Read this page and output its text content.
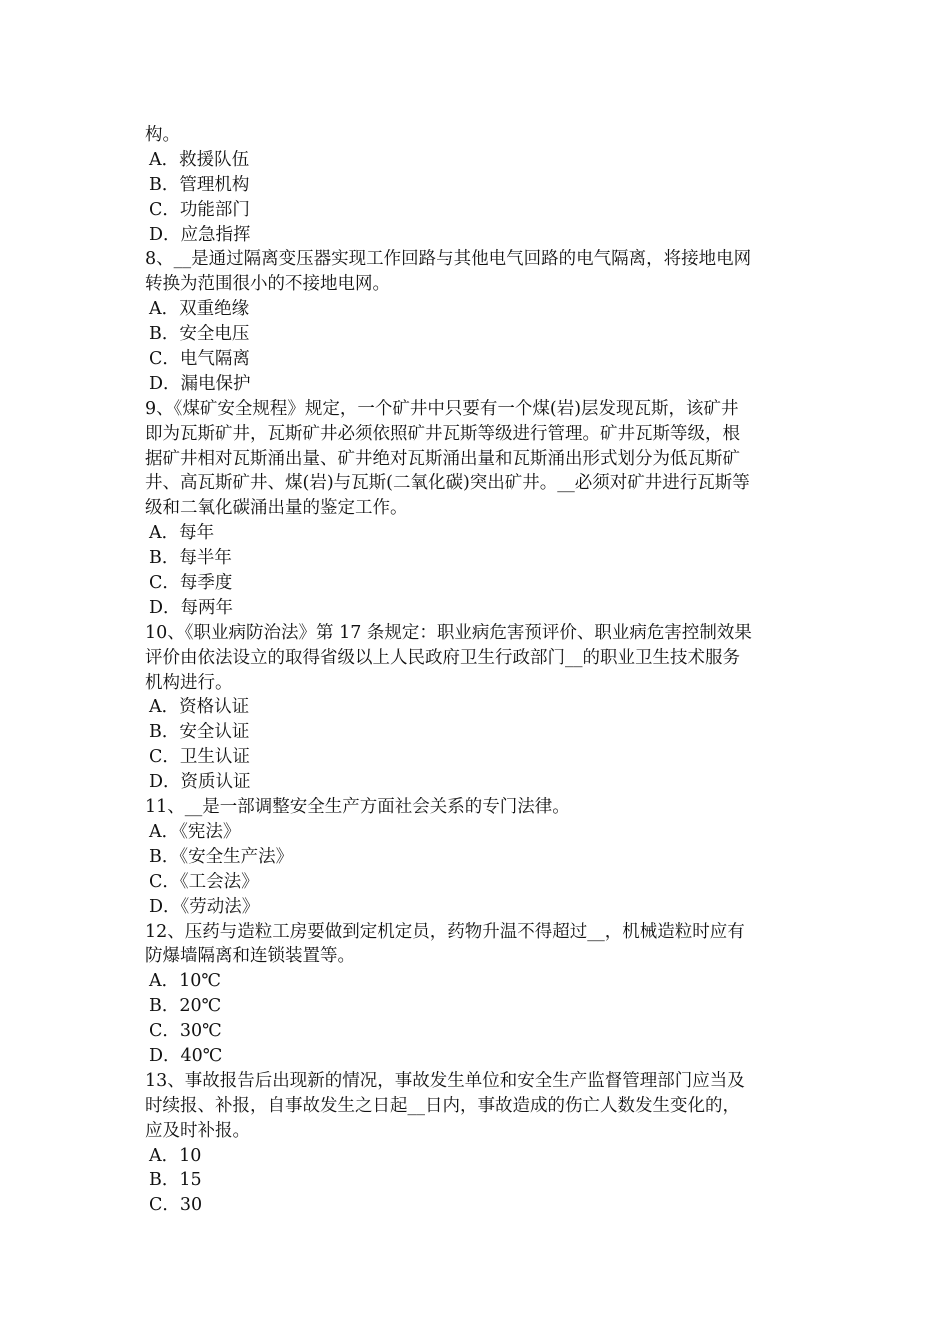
构。
A．救援队伍
B．管理机构
C．功能部门
D．应急指挥
8、__是通过隔离变压器实现工作回路与其他电气回路的电气隔离，将接地电网
转换为范围很小的不接地电网。
A．双重绝缘
B．安全电压
C．电气隔离
D．漏电保护
9、《煤矿安全规程》规定，一个矿井中只要有一个煤(岩)层发现瓦斯，该矿井
即为瓦斯矿井，瓦斯矿井必须依照矿井瓦斯等级进行管理。矿井瓦斯等级，根
据矿井相对瓦斯涌出量、矿井绝对瓦斯涌出量和瓦斯涌出形式划分为低瓦斯矿
井、高瓦斯矿井、煤(岩)与瓦斯(二氧化碳)突出矿井。__必须对矿井进行瓦斯等
级和二氧化碳涌出量的鉴定工作。
A．每年
B．每半年
C．每季度
D．每两年
10、《职业病防治法》第 17 条规定：职业病危害预评价、职业病危害控制效果
评价由依法设立的取得省级以上人民政府卫生行政部门__的职业卫生技术服务
机构进行。
A．资格认证
B．安全认证
C．卫生认证
D．资质认证
11、__是一部调整安全生产方面社会关系的专门法律。
A．《宪法》
B．《安全生产法》
C．《工会法》
D．《劳动法》
12、压药与造粒工房要做到定机定员，药物升温不得超过__，机械造粒时应有
防爆墙隔离和连锁装置等。
A．10℃
B．20℃
C．30℃
D．40℃
13、事故报告后出现新的情况，事故发生单位和安全生产监督管理部门应当及
时续报、补报，自事故发生之日起__日内，事故造成的伤亡人数发生变化的，
应及时补报。
A．10
B．15
C．30
